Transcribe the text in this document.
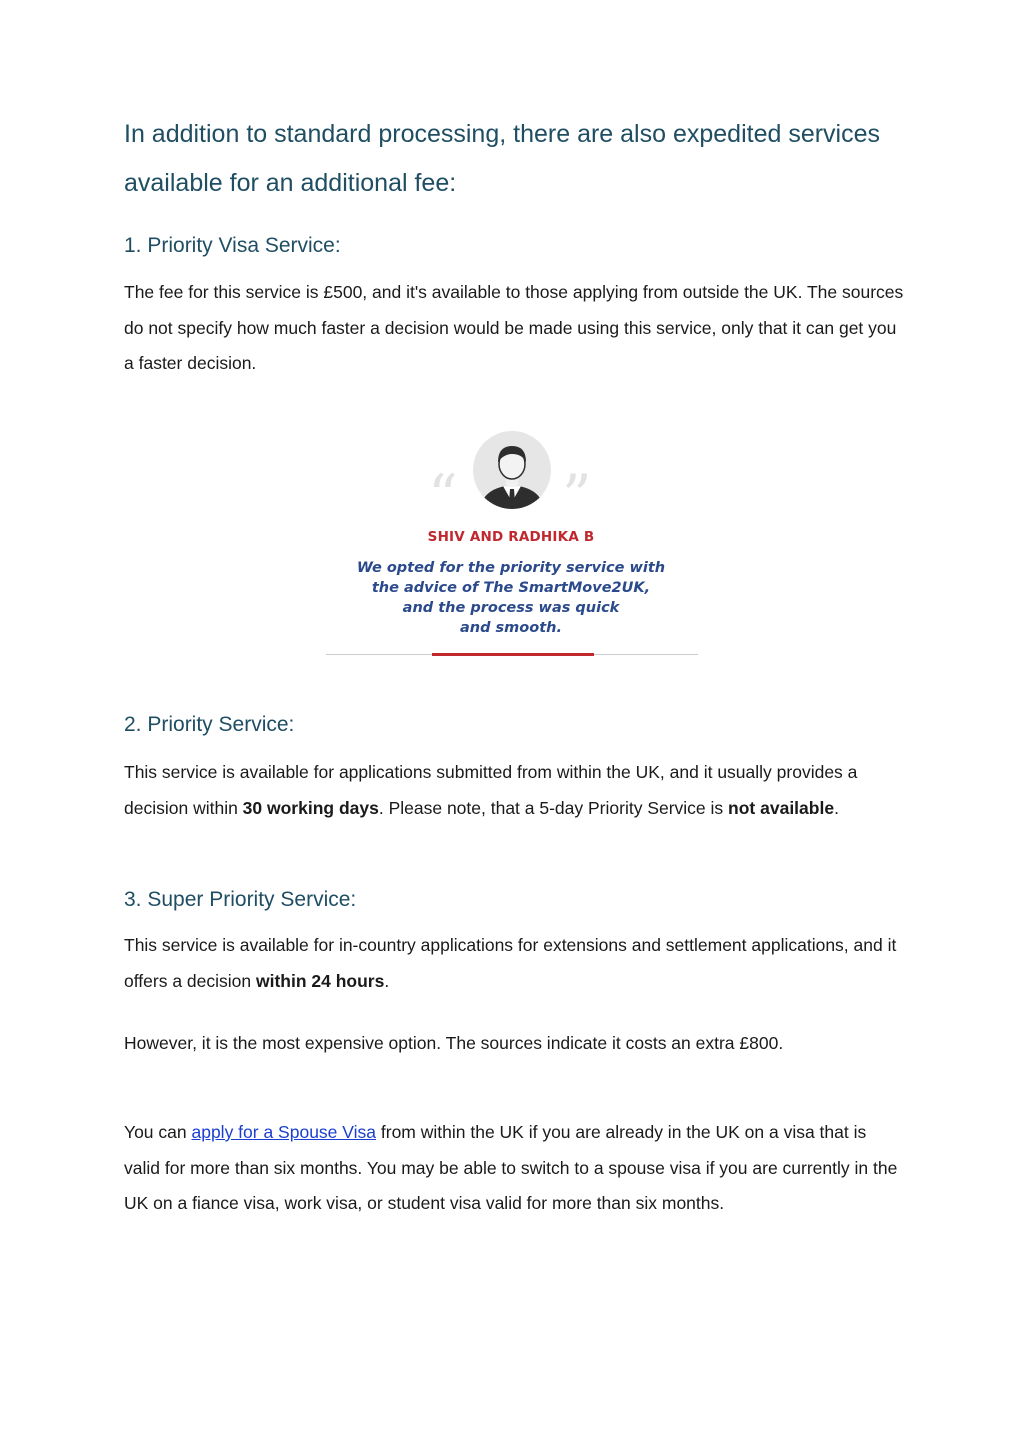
In addition to standard processing, there are also expedited services available for an additional fee:

1. Priority Visa Service:

The fee for this service is £500, and it's available to those applying from outside the UK. The sources do not specify how much faster a decision would be made using this service, only that it can get you a faster decision.

2. Priority Service:

This service is available for applications submitted from within the UK, and it usually provides a decision within 30 working days. Please note, that a 5-day Priority Service is not available.

3. Super Priority Service:

This service is available for in-country applications for extensions and settlement applications, and it offers a decision within 24 hours.

However, it is the most expensive option. The sources indicate it costs an extra £800.

You can apply for a Spouse Visa from within the UK if you are already in the UK on a visa that is valid for more than six months. You may be able to switch to a spouse visa if you are currently in the UK on a fiance visa, work visa, or student visa valid for more than six months.

“ ”
SHIV AND RADHIKA B
We opted for the priority service with
the advice of The SmartMove2UK,
and the process was quick
and smooth.
